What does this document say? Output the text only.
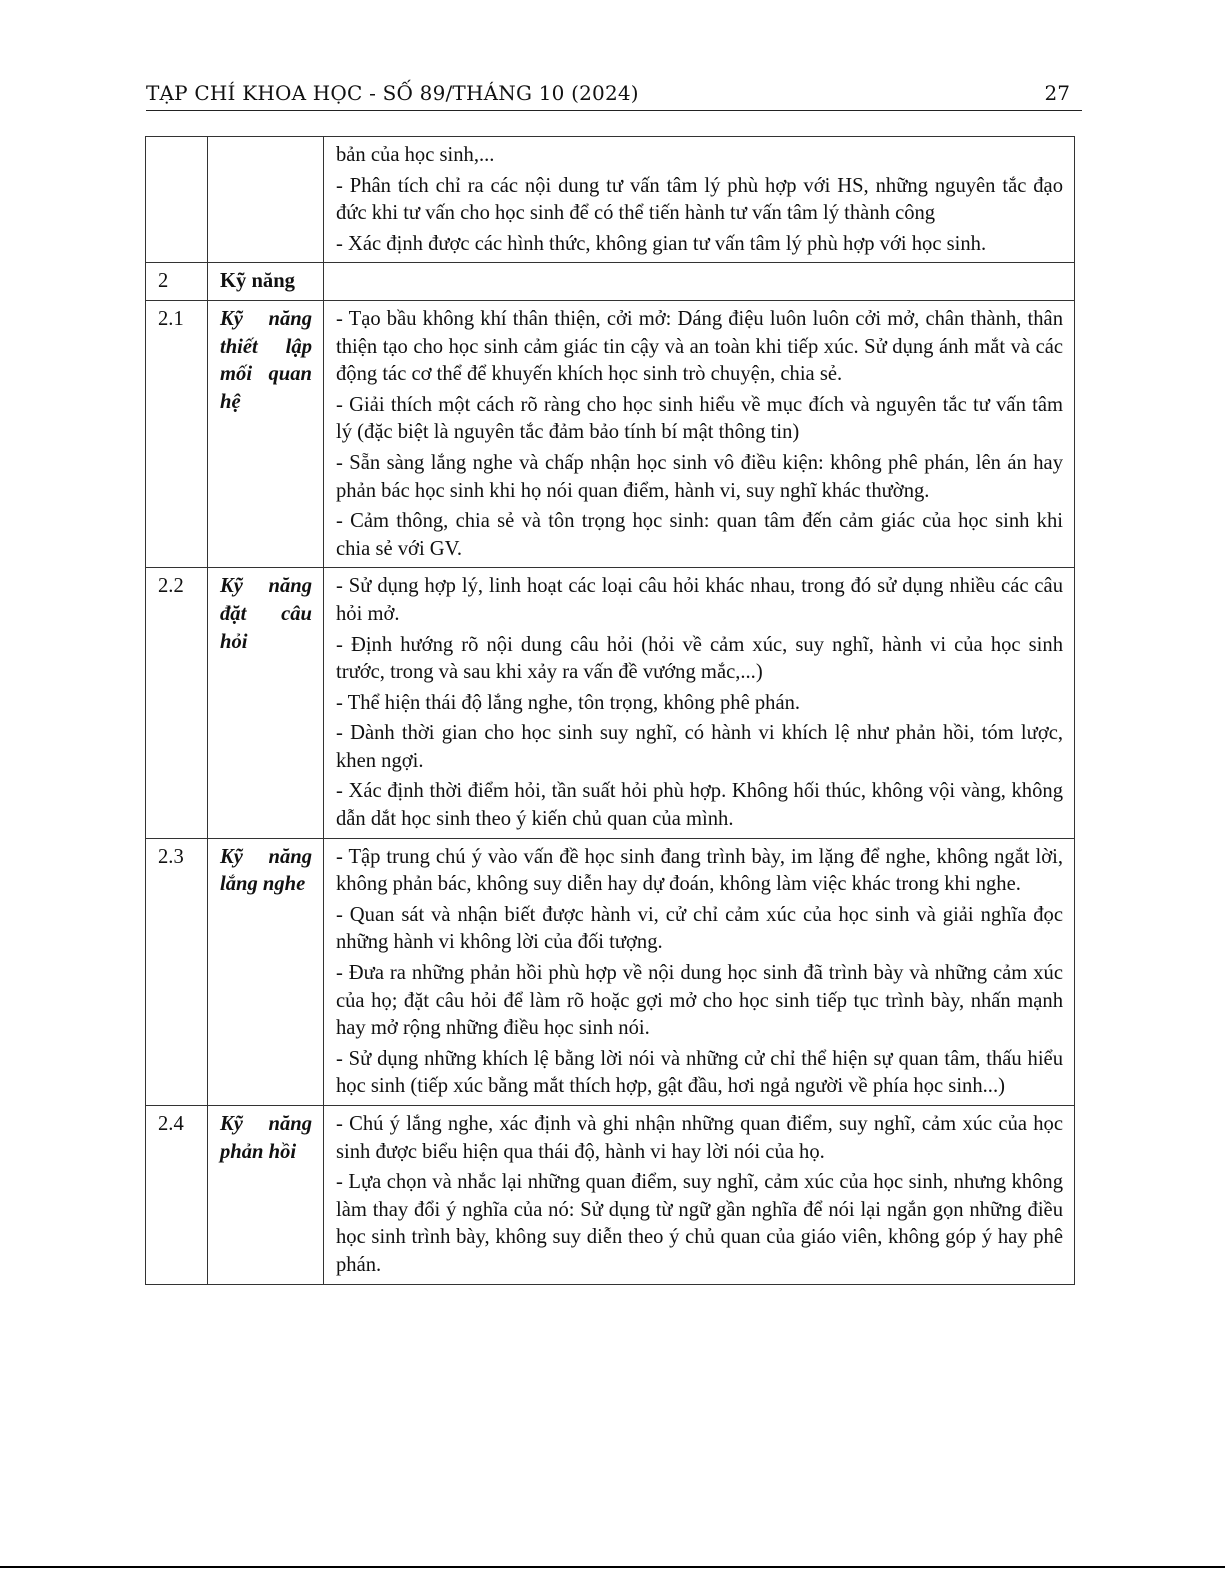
TẠP CHÍ KHOA HỌC - SỐ 89/THÁNG 10 (2024)	27

		bản của học sinh,...

- Phân tích chỉ ra các nội dung tư vấn tâm lý phù hợp với HS, những nguyên tắc đạo đức khi tư vấn cho học sinh để có thể tiến hành tư vấn tâm lý thành công

- Xác định được các hình thức, không gian tư vấn tâm lý phù hợp với học sinh.

2	Kỹ năng	
2.1	Kỹ năng thiết lập mối quan hệ	- Tạo bầu không khí thân thiện, cởi mở: Dáng điệu luôn luôn cởi mở, chân thành, thân thiện tạo cho học sinh cảm giác tin cậy và an toàn khi tiếp xúc. Sử dụng ánh mắt và các động tác cơ thể để khuyến khích học sinh trò chuyện, chia sẻ.

- Giải thích một cách rõ ràng cho học sinh hiểu về mục đích và nguyên tắc tư vấn tâm lý (đặc biệt là nguyên tắc đảm bảo tính bí mật thông tin)

- Sẵn sàng lắng nghe và chấp nhận học sinh vô điều kiện: không phê phán, lên án hay phản bác học sinh khi họ nói quan điểm, hành vi, suy nghĩ khác thường.

- Cảm thông, chia sẻ và tôn trọng học sinh: quan tâm đến cảm giác của học sinh khi chia sẻ với GV.

2.2	Kỹ năng đặt câu hỏi	- Sử dụng hợp lý, linh hoạt các loại câu hỏi khác nhau, trong đó sử dụng nhiều các câu hỏi mở.

- Định hướng rõ nội dung câu hỏi (hỏi về cảm xúc, suy nghĩ, hành vi của học sinh trước, trong và sau khi xảy ra vấn đề vướng mắc,...)

- Thể hiện thái độ lắng nghe, tôn trọng, không phê phán.

- Dành thời gian cho học sinh suy nghĩ, có hành vi khích lệ như phản hồi, tóm lược, khen ngợi.

- Xác định thời điểm hỏi, tần suất hỏi phù hợp. Không hối thúc, không vội vàng, không dẫn dắt học sinh theo ý kiến chủ quan của mình.

2.3	Kỹ năng lắng nghe	- Tập trung chú ý vào vấn đề học sinh đang trình bày, im lặng để nghe, không ngắt lời, không phản bác, không suy diễn hay dự đoán, không làm việc khác trong khi nghe.

- Quan sát và nhận biết được hành vi, cử chỉ cảm xúc của học sinh và giải nghĩa đọc những hành vi không lời của đối tượng.

- Đưa ra những phản hồi phù hợp về nội dung học sinh đã trình bày và những cảm xúc của họ; đặt câu hỏi để làm rõ hoặc gợi mở cho học sinh tiếp tục trình bày, nhấn mạnh hay mở rộng những điều học sinh nói.

- Sử dụng những khích lệ bằng lời nói và những cử chỉ thể hiện sự quan tâm, thấu hiểu học sinh (tiếp xúc bằng mắt thích hợp, gật đầu, hơi ngả người về phía học sinh...)

2.4	Kỹ năng phản hồi	- Chú ý lắng nghe, xác định và ghi nhận những quan điểm, suy nghĩ, cảm xúc của học sinh được biểu hiện qua thái độ, hành vi hay lời nói của họ.

- Lựa chọn và nhắc lại những quan điểm, suy nghĩ, cảm xúc của học sinh, nhưng không làm thay đổi ý nghĩa của nó: Sử dụng từ ngữ gần nghĩa để nói lại ngắn gọn những điều học sinh trình bày, không suy diễn theo ý chủ quan của giáo viên, không góp ý hay phê phán.
